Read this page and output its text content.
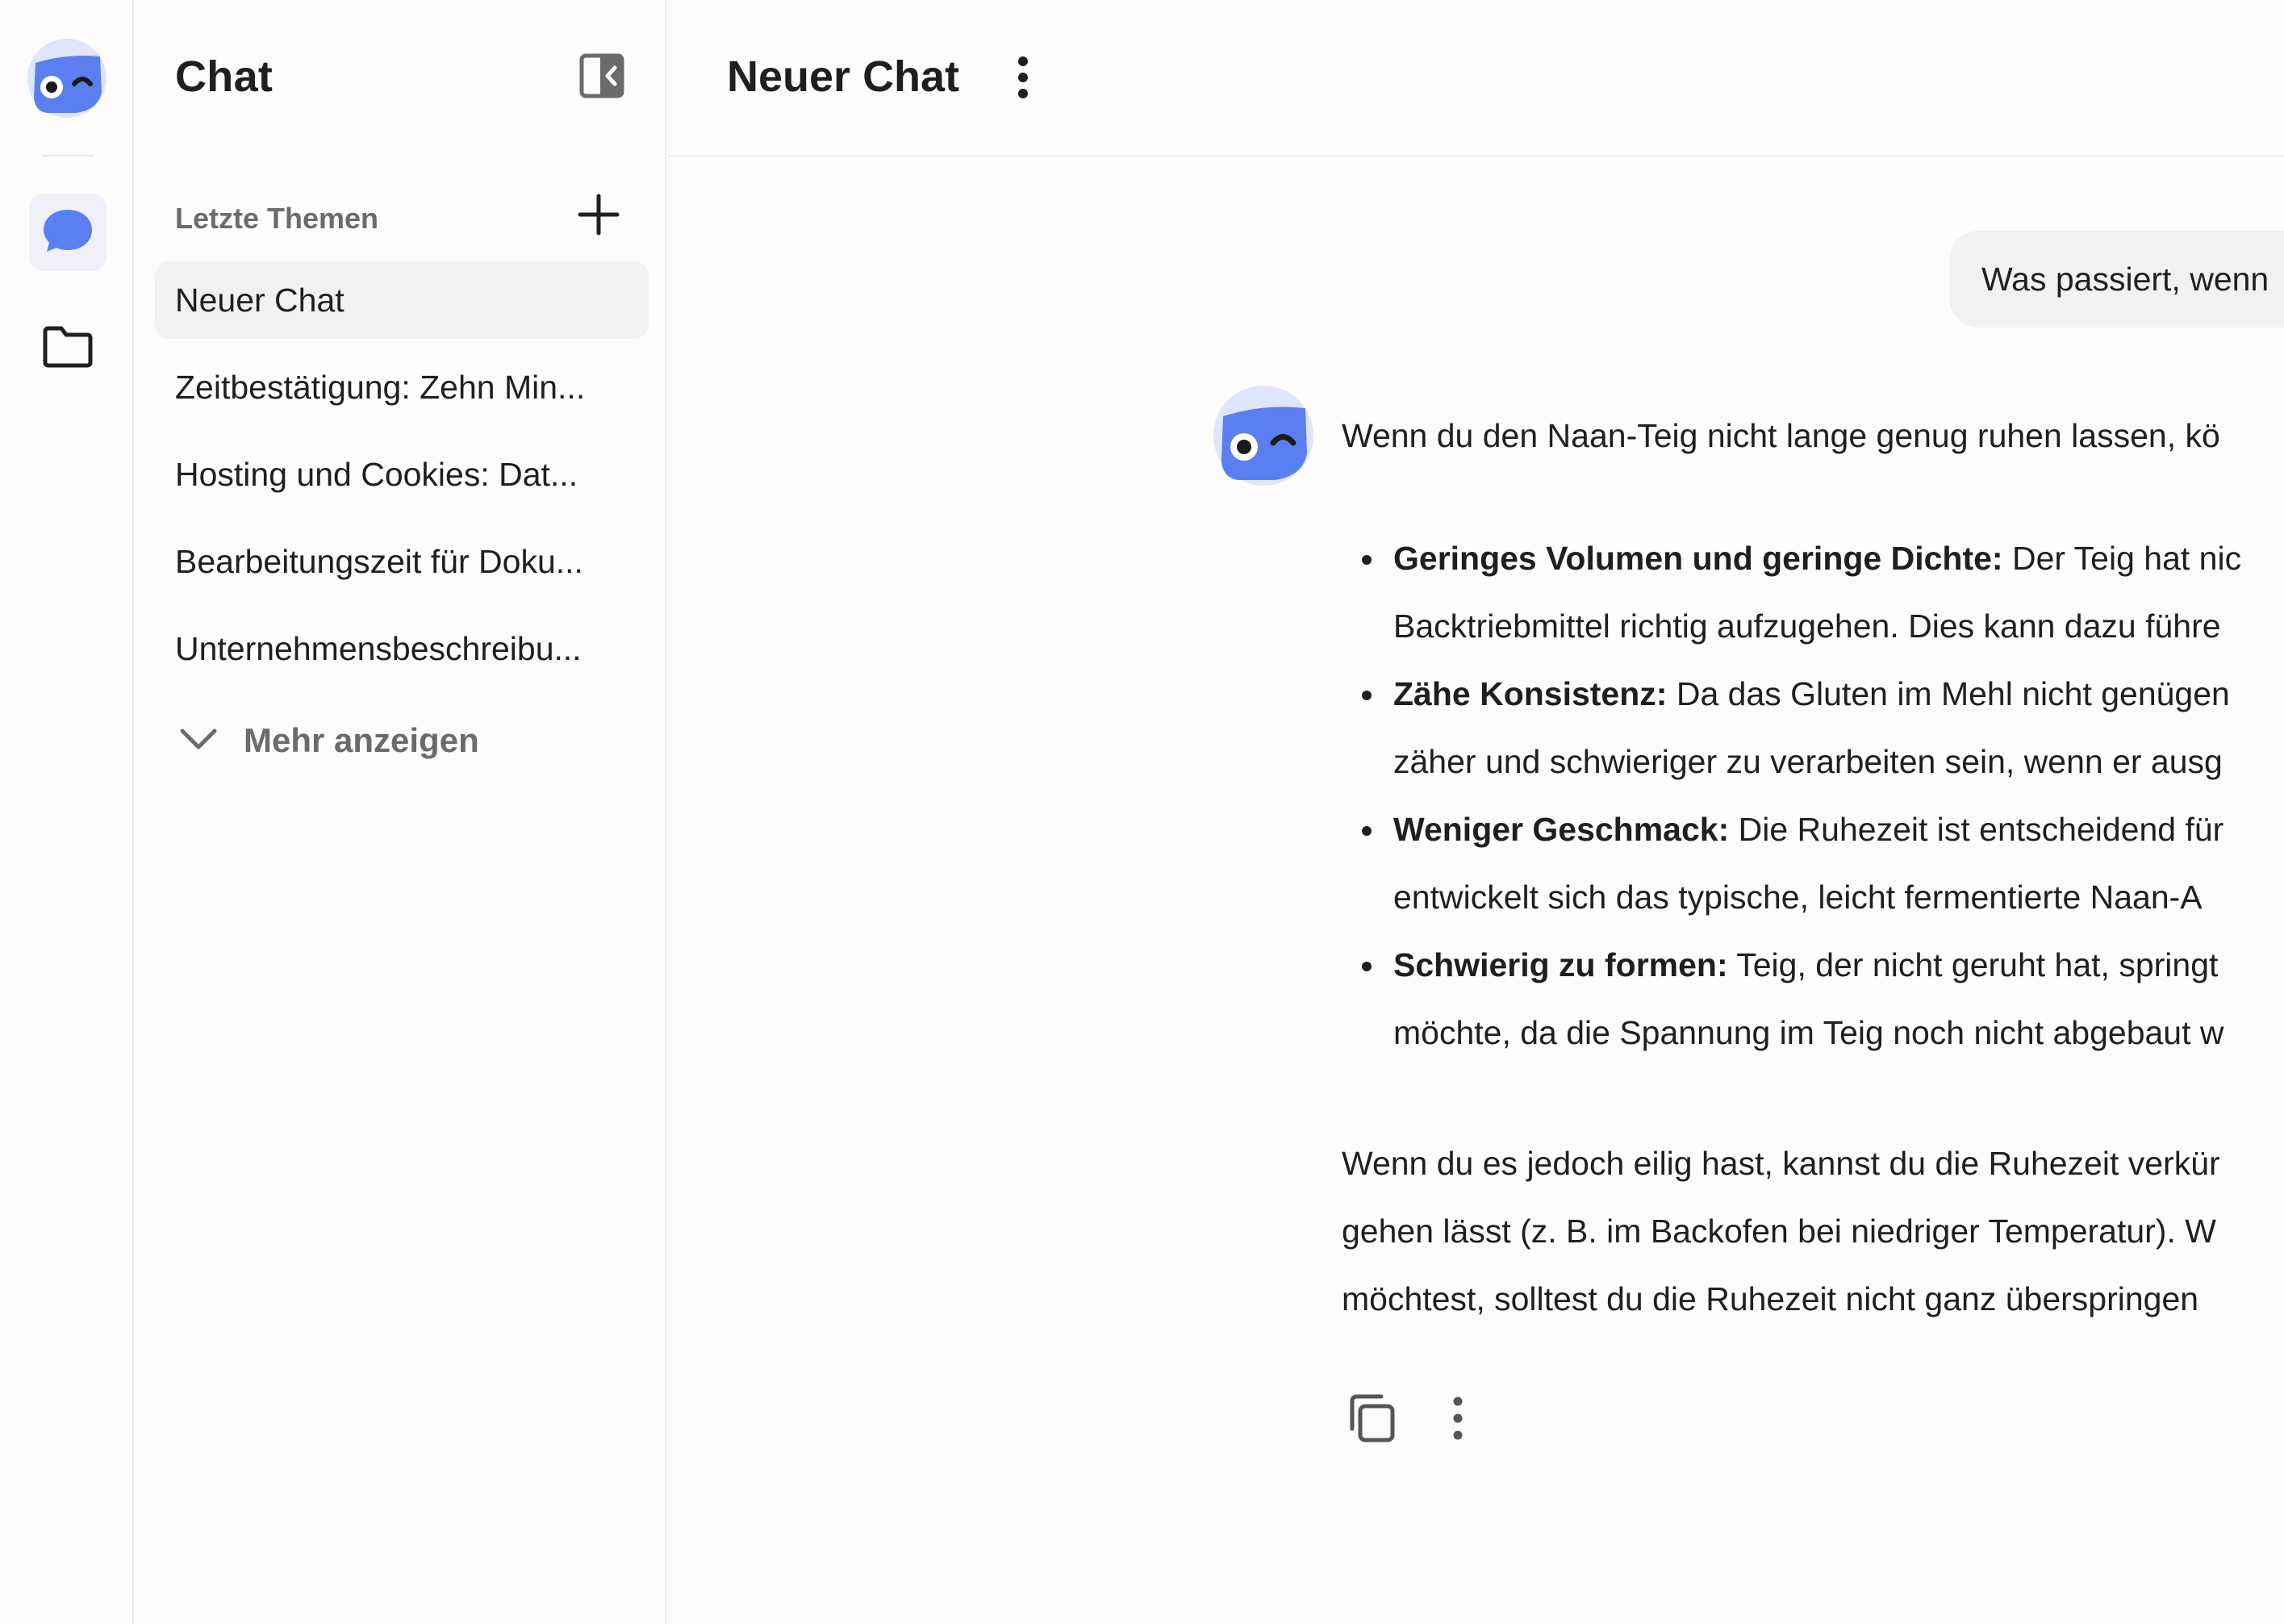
Chat
Letzte Themen
Neuer Chat
Zeitbestätigung: Zehn Min...
Hosting und Cookies: Dat...
Bearbeitungszeit für Doku...
Unternehmensbeschreibu...
Mehr anzeigen
Neuer Chat
Was passiert, wenn

Wenn du den Naan-Teig nicht lange genug ruhen lassen, kö

Geringes Volumen und geringe Dichte: Der Teig hat nic
Backtriebmittel richtig aufzugehen. Dies kann dazu führe
Zähe Konsistenz: Da das Gluten im Mehl nicht genügen
zäher und schwieriger zu verarbeiten sein, wenn er ausg
Weniger Geschmack: Die Ruhezeit ist entscheidend für
entwickelt sich das typische, leicht fermentierte Naan-A
Schwierig zu formen: Teig, der nicht geruht hat, springt
möchte, da die Spannung im Teig noch nicht abgebaut w

Wenn du es jedoch eilig hast, kannst du die Ruhezeit verkür

gehen lässt (z. B. im Backofen bei niedriger Temperatur). W

möchtest, solltest du die Ruhezeit nicht ganz überspringen
